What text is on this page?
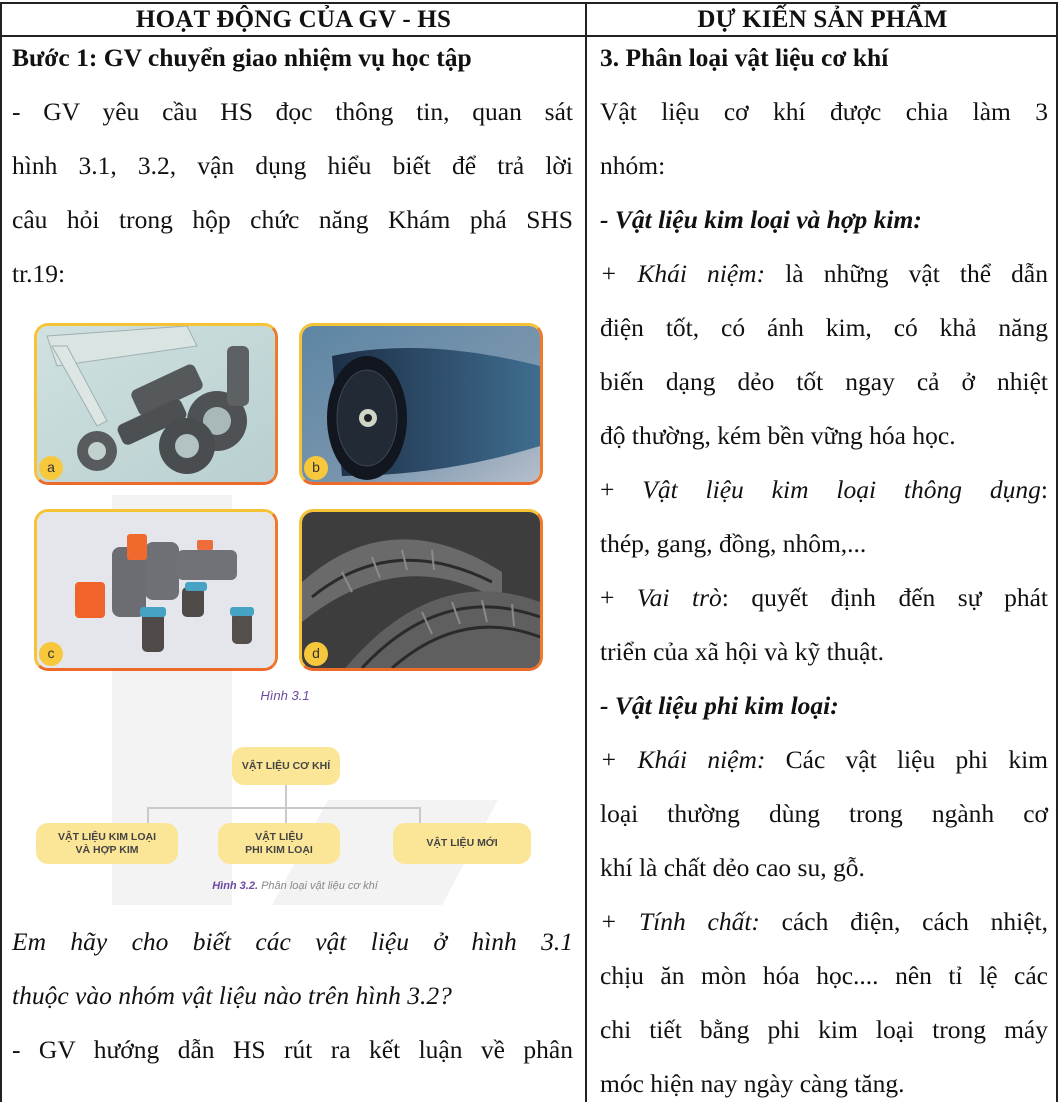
HOẠT ĐỘNG CỦA GV - HS	DỰ KIẾN SẢN PHẨM
Bước 1: GV chuyển giao nhiệm vụ học tập
- GV yêu cầu HS đọc thông tin, quan sát
hình 3.1, 3.2, vận dụng hiểu biết để trả lời
câu hỏi trong hộp chức năng Khám phá SHS
tr.19:
a	b
c	d
Hình 3.1
VẬT LIỆU CƠ KHÍ
VẬT LIỆU KIM LOẠI
VÀ HỢP KIM
VẬT LIỆU
PHI KIM LOẠI
VẬT LIỆU MỚI
Hình 3.2. Phân loại vật liệu cơ khí
Em hãy cho biết các vật liệu ở hình 3.1
thuộc vào nhóm vật liệu nào trên hình 3.2?
- GV hướng dẫn HS rút ra kết luận về phân
3. Phân loại vật liệu cơ khí
Vật liệu cơ khí được chia làm 3
nhóm:
- Vật liệu kim loại và hợp kim:
+ Khái niệm: là những vật thể dẫn
điện tốt, có ánh kim, có khả năng
biến dạng dẻo tốt ngay cả ở nhiệt
độ thường, kém bền vững hóa học.
+ Vật liệu kim loại thông dụng:
thép, gang, đồng, nhôm,...
+ Vai trò: quyết định đến sự phát
triển của xã hội và kỹ thuật.
- Vật liệu phi kim loại:
+ Khái niệm: Các vật liệu phi kim
loại thường dùng trong ngành cơ
khí là chất dẻo cao su, gỗ.
+ Tính chất: cách điện, cách nhiệt,
chịu ăn mòn hóa học.... nên tỉ lệ các
chi tiết bằng phi kim loại trong máy
móc hiện nay ngày càng tăng.
